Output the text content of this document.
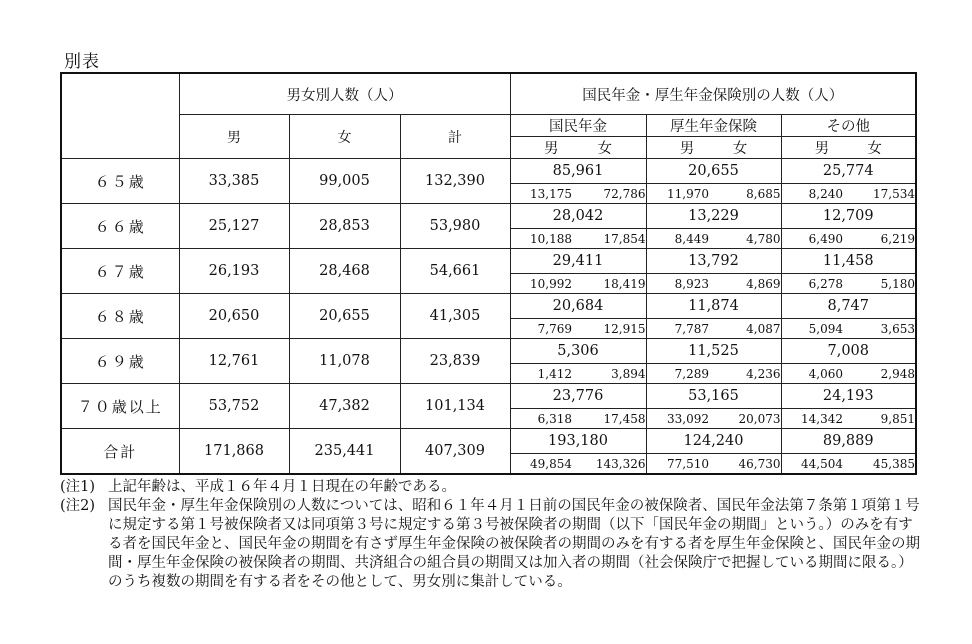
別表
	男女別人数（人）			国民年金・厚生年金保険別の人数（人）					
	男	女	計	国民年金		厚生年金保険		その他	

				男 女		男 女		男 女	

６５歳	33,385	99,005	132,390	85,961		20,655		25,774	
				13,175	72,786	11,970	8,685	8,240	17,534
６６歳	25,127	28,853	53,980	28,042		13,229		12,709	
				10,188	17,854	8,449	4,780	6,490	6,219
６７歳	26,193	28,468	54,661	29,411		13,792		11,458	
				10,992	18,419	8,923	4,869	6,278	5,180
６８歳	20,650	20,655	41,305	20,684		11,874		8,747	
				7,769	12,915	7,787	4,087	5,094	3,653
６９歳	12,761	11,078	23,839	5,306		11,525		7,008	
				1,412	3,894	7,289	4,236	4,060	2,948
７０歳以上	53,752	47,382	101,134	23,776		53,165		24,193	
				6,318	17,458	33,092	20,073	14,342	9,851
合計	171,868	235,441	407,309	193,180		124,240		89,889	
				49,854	143,326	77,510	46,730	44,504	45,385
(注1) 上記年齢は、平成１６年４月１日現在の年齢である。
(注2) 国民年金・厚生年金保険別の人数については、昭和６１年４月１日前の国民年金の被保険者、国民年金法第７条第１項第１号に規定する第１号被保険者又は同項第３号に規定する第３号被保険者の期間（以下「国民年金の期間」という。）のみを有する者を国民年金と、国民年金の期間を有さず厚生年金保険の被保険者の期間のみを有する者を厚生年金保険と、国民年金の期間・厚生年金保険の被保険者の期間、共済組合の組合員の期間又は加入者の期間（社会保険庁で把握している期間に限る。）のうち複数の期間を有する者をその他として、男女別に集計している。
